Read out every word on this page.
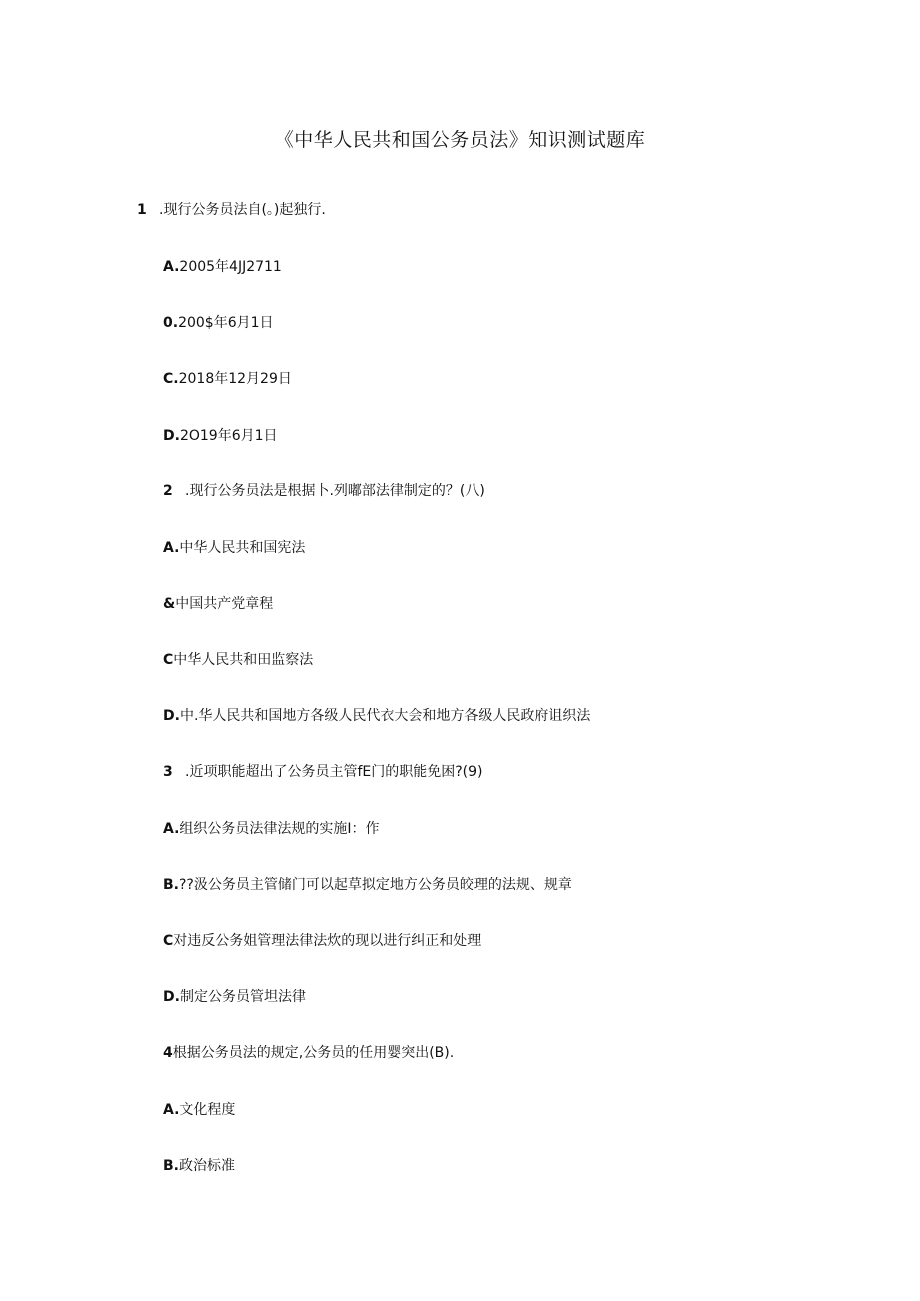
《中华人民共和国公务员法》知识测试题库
1 .现行公务员法自(。)起独行.
A.2005年4JJ2711
0.200$年6月1日
C.2018年12月29日
D.2O19年6月1日
2 .现行公务员法是根据卜.列嘟部法律制定的？(八)
A.中华人民共和国宪法
&中国共产党章程
C中华人民共和田监察法
D.中.华人民共和国地方各级人民代衣大会和地方各级人民政府诅织法
3 .近项职能超出了公务员主管fE门的职能免困?(9)
A.组织公务员法律法规的实施I：作
B.??汲公务员主管储门可以起草拟定地方公务员皎理的法规、规章
C对违反公务姐管理法律法炊的现以进行纠正和处理
D.制定公务员管坦法律
4根据公务员法的规定,公务员的任用婴突出(B).
A.文化程度
B.政治标准
